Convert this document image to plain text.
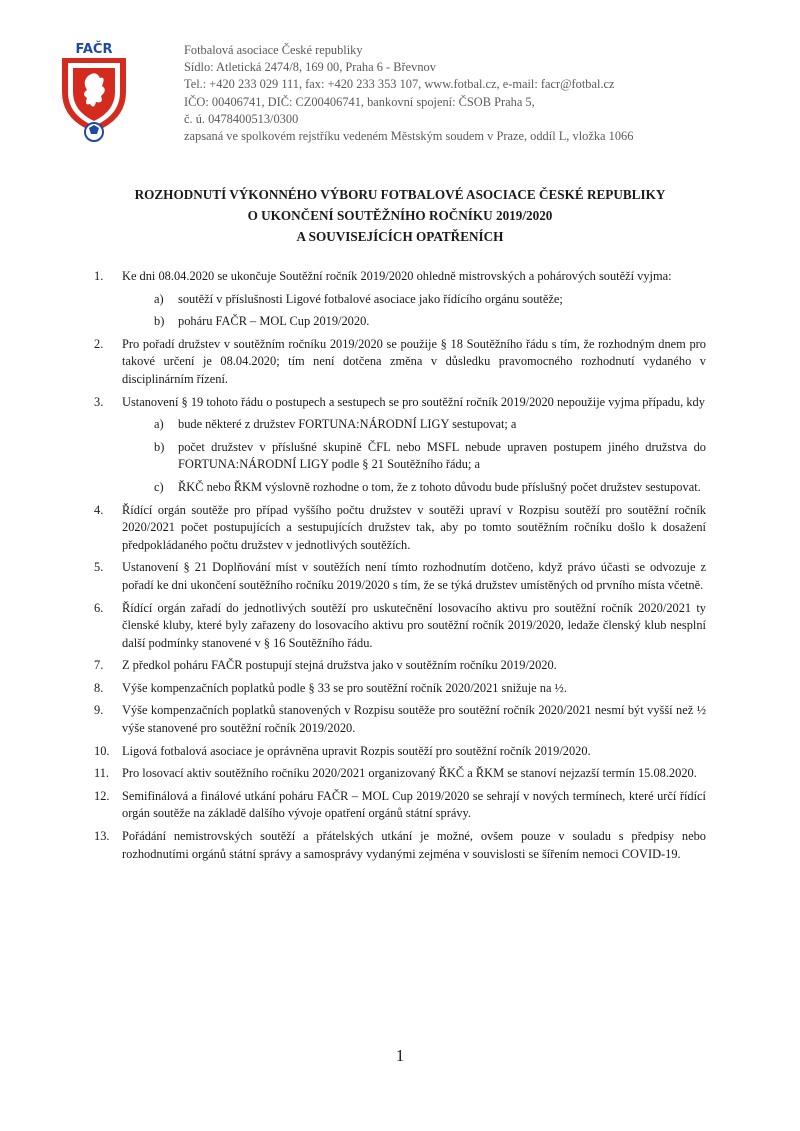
FAČR	Fotbalová asociace České republiky
Sídlo: Atletická 2474/8, 169 00, Praha 6 - Břevnov
Tel.: +420 233 029 111, fax: +420 233 353 107, www.fotbal.cz, e-mail: facr@fotbal.cz
IČO: 00406741, DIČ: CZ00406741, bankovní spojení: ČSOB Praha 5,
č. ú. 0478400513/0300
zapsaná ve spolkovém rejstříku vedeném Městským soudem v Praze, oddíl L, vložka 1066
ROZHODNUTÍ VÝKONNÉHO VÝBORU FOTBALOVÉ ASOCIACE ČESKÉ REPUBLIKY
O UKONČENÍ SOUTĚŽNÍHO ROČNÍKU 2019/2020
A SOUVISEJÍCÍCH OPATŘENÍCH
1. Ke dni 08.04.2020 se ukončuje Soutěžní ročník 2019/2020 ohledně mistrovských a pohárových soutěží vyjma:
a) soutěží v příslušnosti Ligové fotbalové asociace jako řídícího orgánu soutěže;
b) poháru FAČR – MOL Cup 2019/2020.
2. Pro pořadí družstev v soutěžním ročníku 2019/2020 se použije § 18 Soutěžního řádu s tím, že rozhodným dnem pro takové určení je 08.04.2020; tím není dotčena změna v důsledku pravomocného rozhodnutí vydaného v disciplinárním řízení.
3. Ustanovení § 19 tohoto řádu o postupech a sestupech se pro soutěžní ročník 2019/2020 nepoužije vyjma případu, kdy
a) bude některé z družstev FORTUNA:NÁRODNÍ LIGY sestupovat; a
b) počet družstev v příslušné skupině ČFL nebo MSFL nebude upraven postupem jiného družstva do FORTUNA:NÁRODNÍ LIGY podle § 21 Soutěžního řádu; a
c) ŘKČ nebo ŘKM výslovně rozhodne o tom, že z tohoto důvodu bude příslušný počet družstev sestupovat.
4. Řídící orgán soutěže pro případ vyššího počtu družstev v soutěži upraví v Rozpisu soutěží pro soutěžní ročník 2020/2021 počet postupujících a sestupujících družstev tak, aby po tomto soutěžním ročníku došlo k dosažení předpokládaného počtu družstev v jednotlivých soutěžích.
5. Ustanovení § 21 Doplňování míst v soutěžích není tímto rozhodnutím dotčeno, když právo účasti se odvozuje z pořadí ke dni ukončení soutěžního ročníku 2019/2020 s tím, že se týká družstev umístěných od prvního místa včetně.
6. Řídící orgán zařadí do jednotlivých soutěží pro uskutečnění losovacího aktivu pro soutěžní ročník 2020/2021 ty členské kluby, které byly zařazeny do losovacího aktivu pro soutěžní ročník 2019/2020, ledaže členský klub nesplní další podmínky stanovené v § 16 Soutěžního řádu.
7. Z předkol poháru FAČR postupují stejná družstva jako v soutěžním ročníku 2019/2020.
8. Výše kompenzačních poplatků podle § 33 se pro soutěžní ročník 2020/2021 snižuje na ½.
9. Výše kompenzačních poplatků stanovených v Rozpisu soutěže pro soutěžní ročník 2020/2021 nesmí být vyšší než ½ výše stanovené pro soutěžní ročník 2019/2020.
10. Ligová fotbalová asociace je oprávněna upravit Rozpis soutěží pro soutěžní ročník 2019/2020.
11. Pro losovací aktiv soutěžního ročníku 2020/2021 organizovaný ŘKČ a ŘKM se stanoví nejzazší termín 15.08.2020.
12. Semifinálová a finálové utkání poháru FAČR – MOL Cup 2019/2020 se sehrají v nových termínech, které určí řídící orgán soutěže na základě dalšího vývoje opatření orgánů státní správy.
13. Pořádání nemistrovských soutěží a přátelských utkání je možné, ovšem pouze v souladu s předpisy nebo rozhodnutími orgánů státní správy a samosprávy vydanými zejména v souvislosti se šířením nemoci COVID-19.
1
